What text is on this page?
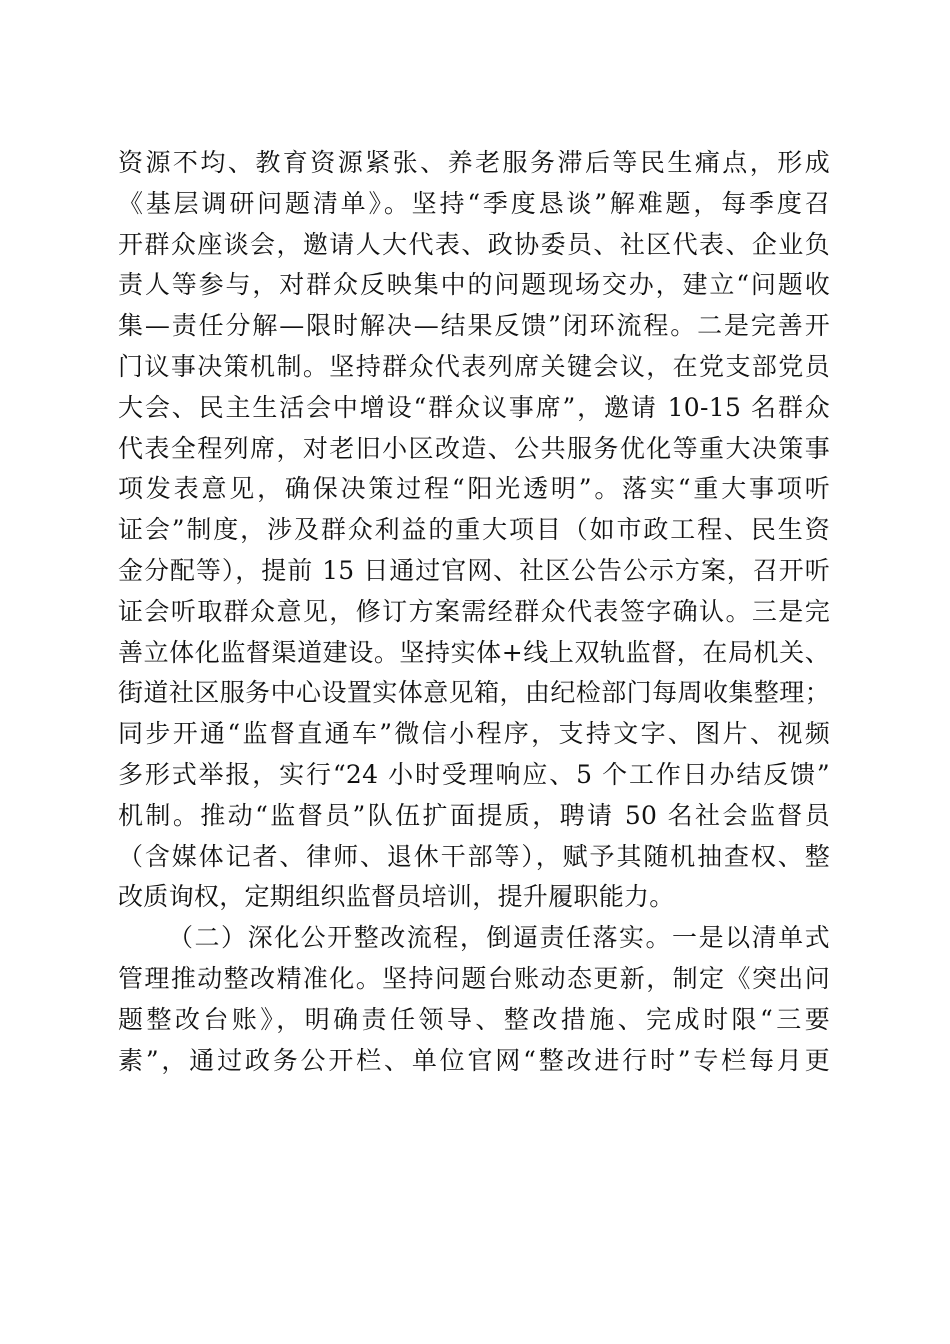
资源不均、教育资源紧张、养老服务滞后等民生痛点，形成
《基层调研问题清单》。坚持“季度恳谈”解难题，每季度召
开群众座谈会，邀请人大代表、政协委员、社区代表、企业负
责人等参与，对群众反映集中的问题现场交办，建立“问题收
集—责任分解—限时解决—结果反馈”闭环流程。二是完善开
门议事决策机制。坚持群众代表列席关键会议，在党支部党员
大会、民主生活会中增设“群众议事席”，邀请 10-15 名群众
代表全程列席，对老旧小区改造、公共服务优化等重大决策事
项发表意见，确保决策过程“阳光透明”。落实“重大事项听
证会”制度，涉及群众利益的重大项目（如市政工程、民生资
金分配等），提前 15 日通过官网、社区公告公示方案，召开听
证会听取群众意见，修订方案需经群众代表签字确认。三是完
善立体化监督渠道建设。坚持实体+线上双轨监督，在局机关、
街道社区服务中心设置实体意见箱，由纪检部门每周收集整理；
同步开通“监督直通车”微信小程序，支持文字、图片、视频
多形式举报，实行“24 小时受理响应、5 个工作日办结反馈”
机制。推动“监督员”队伍扩面提质，聘请 50 名社会监督员
（含媒体记者、律师、退休干部等），赋予其随机抽查权、整
改质询权，定期组织监督员培训，提升履职能力。
（二）深化公开整改流程，倒逼责任落实。一是以清单式
管理推动整改精准化。坚持问题台账动态更新，制定《突出问
题整改台账》，明确责任领导、整改措施、完成时限“三要
素”，通过政务公开栏、单位官网“整改进行时”专栏每月更
